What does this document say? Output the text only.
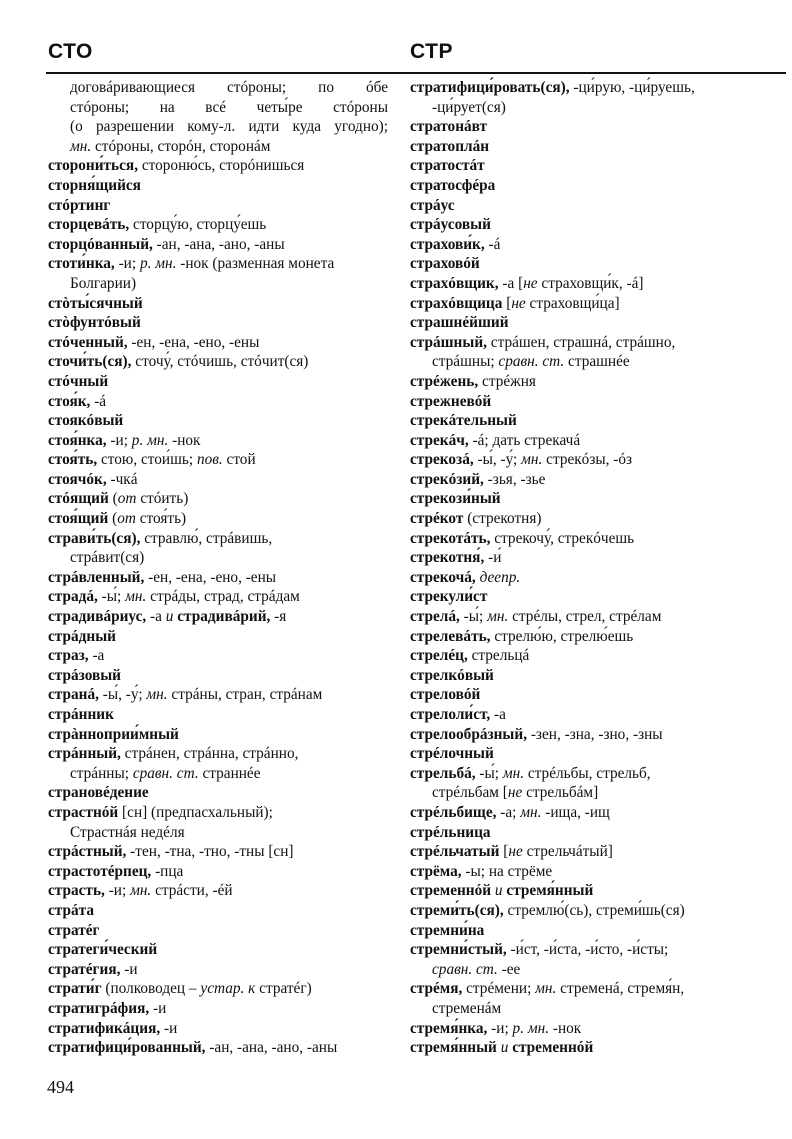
СТО	СТР
договáривающиеся стóроны; по óбе
стóроны; на всé четы́ре стóроны
(о разрешении кому-л. идти куда угодно);
мн. стóроны, сторóн, сторонáм
сторони́ться, стороню́сь, сторóнишься
сторня́щийся
стóртинг
сторцевáть, сторцу́ю, сторцу́ешь
сторцóванный, -ан, -ана, -ано, -аны
стоти́нка, -и; р. мн. -нок (разменная монета
Болгарии)
стòты́сячный
стòфунтóвый
стóченный, -ен, -ена, -ено, -ены
сточи́ть(ся), сточу́, стóчишь, стóчит(ся)
стóчный
стоя́к, -á
стоякóвый
стоя́нка, -и; р. мн. -нок
стоя́ть, стою, стои́шь; пов. стой
стоячóк, -чкá
стóящий (от стóить)
стоя́щий (от стоя́ть)
страви́ть(ся), стравлю́, стрáвишь,
стрáвит(ся)
стрáвленный, -ен, -ена, -ено, -ены
страдá, -ы́; мн. стрáды, страд, стрáдам
страдивáриус, -а и страдивáрий, -я
стрáдный
страз, -а
стрáзовый
странá, -ы́, -у́; мн. стрáны, стран, стрáнам
стрáнник
стрàнноприи́мный
стрáнный, стрáнен, стрáнна, стрáнно,
стрáнны; сравн. ст. страннée
страновéдение
страстнóй [сн] (предпасхальный);
Страстнáя недéля
стрáстный, -тен, -тна, -тно, -тны [сн]
страстотéрпец, -пца
страсть, -и; мн. стрáсти, -éй
стрáта
стратéг
стратеги́ческий
стратéгия, -и
страти́г (полководец – устар. к стратéг)
стратигрáфия, -и
стратификáция, -и
стратифици́рованный, -ан, -ана, -ано, -аны
стратифици́ровать(ся), -ци́рую, -ци́руешь,
-ци́рует(ся)
стратонáвт
стратоплáн
стратостáт
стратосфéра
стрáус
стрáусовый
страхови́к, -á
страховóй
страхóвщик, -а [не страховщи́к, -á]
страхóвщица [не страховщи́ца]
страшнéйший
стрáшный, стрáшен, страшнá, стрáшно,
стрáшны; сравн. ст. страшнée
стрéжень, стрéжня
стрежневóй
стрекáтельный
стрекáч, -á; дать стрекачá
стрекозá, -ы́, -у́; мн. стрекóзы, -óз
стрекóзий, -зья, -зье
стрекози́ный
стрéкот (стрекотня)
стрекотáть, стрекочу́, стрекóчешь
стрекотня́, -и́
стрекочá, деепр.
стрекули́ст
стрелá, -ы́; мн. стрéлы, стрел, стрéлам
стрелевáть, стрелю́ю, стрелю́ешь
стрелéц, стрельцá
стрелкóвый
стреловóй
стрелоли́ст, -а
стрелообрáзный, -зен, -зна, -зно, -зны
стрéлочный
стрельбá, -ы́; мн. стрéльбы, стрельб,
стрéльбам [не стрельбáм]
стрéльбище, -а; мн. -ища, -ищ
стрéльница
стрéльчатый [не стрельчáтый]
стрёма, -ы; на стрёме
стременнóй и стремя́нный
стреми́ть(ся), стремлю́(сь), стреми́шь(ся)
стремни́на
стремни́стый, -и́ст, -и́ста, -и́сто, -и́сты;
сравн. ст. -ее
стрéмя, стрéмени; мн. стременá, стремя́н,
стременáм
стремя́нка, -и; р. мн. -нок
стремя́нный и стременнóй
494
